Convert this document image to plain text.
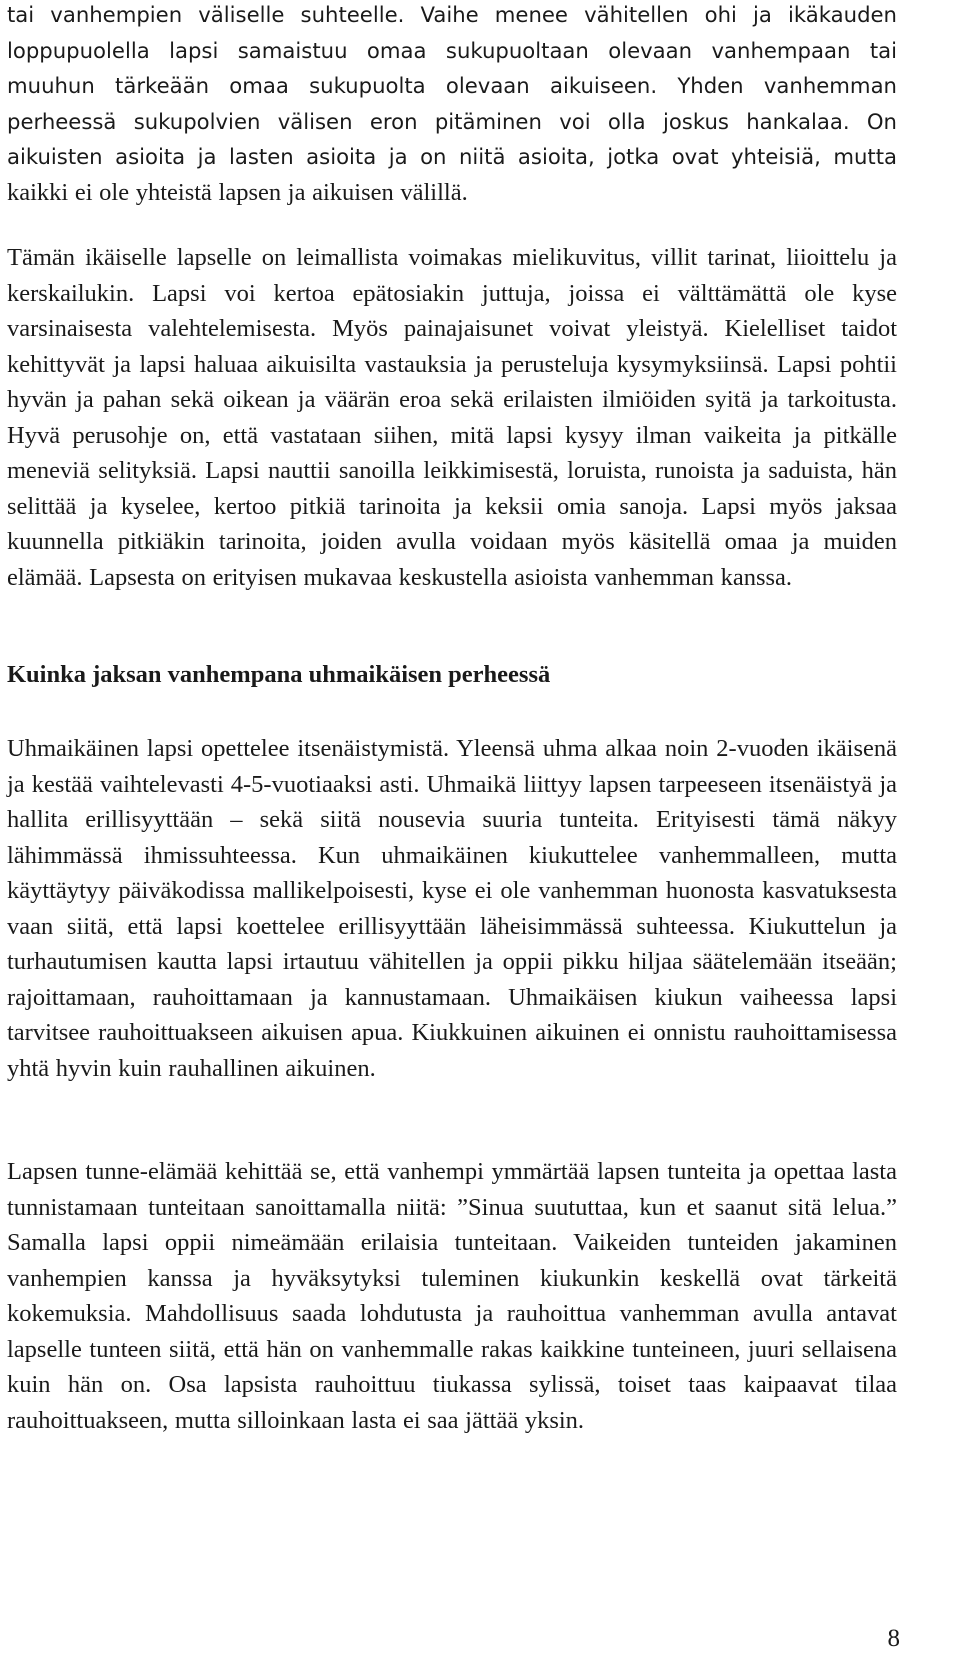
tai vanhempien väliselle suhteelle. Vaihe menee vähitellen ohi ja ikäkauden loppupuolella lapsi samaistuu omaa sukupuoltaan olevaan vanhempaan tai muuhun tärkeään omaa sukupuolta olevaan aikuiseen. Yhden vanhemman perheessä sukupolvien välisen eron pitäminen voi olla joskus hankalaa. On aikuisten asioita ja lasten asioita ja on niitä asioita, jotka ovat yhteisiä, mutta kaikki ei ole yhteistä lapsen ja aikuisen välillä.

Tämän ikäiselle lapselle on leimallista voimakas mielikuvitus, villit tarinat, liioittelu ja kerskailukin. Lapsi voi kertoa epätosiakin juttuja, joissa ei välttämättä ole kyse varsinaisesta valehtelemisesta. Myös painajaisunet voivat yleistyä. Kielelliset taidot kehittyvät ja lapsi haluaa aikuisilta vastauksia ja perusteluja kysymyksiinsä. Lapsi pohtii hyvän ja pahan sekä oikean ja väärän eroa sekä erilaisten ilmiöiden syitä ja tarkoitusta. Hyvä perusohje on, että vastataan siihen, mitä lapsi kysyy ilman vaikeita ja pitkälle meneviä selityksiä. Lapsi nauttii sanoilla leikkimisestä, loruista, runoista ja saduista, hän selittää ja kyselee, kertoo pitkiä tarinoita ja keksii omia sanoja. Lapsi myös jaksaa kuunnella pitkiäkin tarinoita, joiden avulla voidaan myös käsitellä omaa ja muiden elämää. Lapsesta on erityisen mukavaa keskustella asioista vanhemman kanssa.

Kuinka jaksan vanhempana uhmaikäisen perheessä

Uhmaikäinen lapsi opettelee itsenäistymistä. Yleensä uhma alkaa noin 2-vuoden ikäisenä ja kestää vaihtelevasti 4-5-vuotiaaksi asti. Uhmaikä liittyy lapsen tarpeeseen itsenäistyä ja hallita erillisyyttään – sekä siitä nousevia suuria tunteita. Erityisesti tämä näkyy lähimmässä ihmissuhteessa. Kun uhmaikäinen kiukuttelee vanhemmalleen, mutta käyttäytyy päiväkodissa mallikelpoisesti, kyse ei ole vanhemman huonosta kasvatuksesta vaan siitä, että lapsi koettelee erillisyyttään läheisimmässä suhteessa. Kiukuttelun ja turhautumisen kautta lapsi irtautuu vähitellen ja oppii pikku hiljaa säätelemään itseään; rajoittamaan, rauhoittamaan ja kannustamaan. Uhmaikäisen kiukun vaiheessa lapsi tarvitsee rauhoittuakseen aikuisen apua. Kiukkuinen aikuinen ei onnistu rauhoittamisessa yhtä hyvin kuin rauhallinen aikuinen.

Lapsen tunne-elämää kehittää se, että vanhempi ymmärtää lapsen tunteita ja opettaa lasta tunnistamaan tunteitaan sanoittamalla niitä: ”Sinua suututtaa, kun et saanut sitä lelua.” Samalla lapsi oppii nimeämään erilaisia tunteitaan. Vaikeiden tunteiden jakaminen vanhempien kanssa ja hyväksytyksi tuleminen kiukunkin keskellä ovat tärkeitä kokemuksia. Mahdollisuus saada lohdutusta ja rauhoittua vanhemman avulla antavat lapselle tunteen siitä, että hän on vanhemmalle rakas kaikkine tunteineen, juuri sellaisena kuin hän on. Osa lapsista rauhoittuu tiukassa sylissä, toiset taas kaipaavat tilaa rauhoittuakseen, mutta silloinkaan lasta ei saa jättää yksin.

8
